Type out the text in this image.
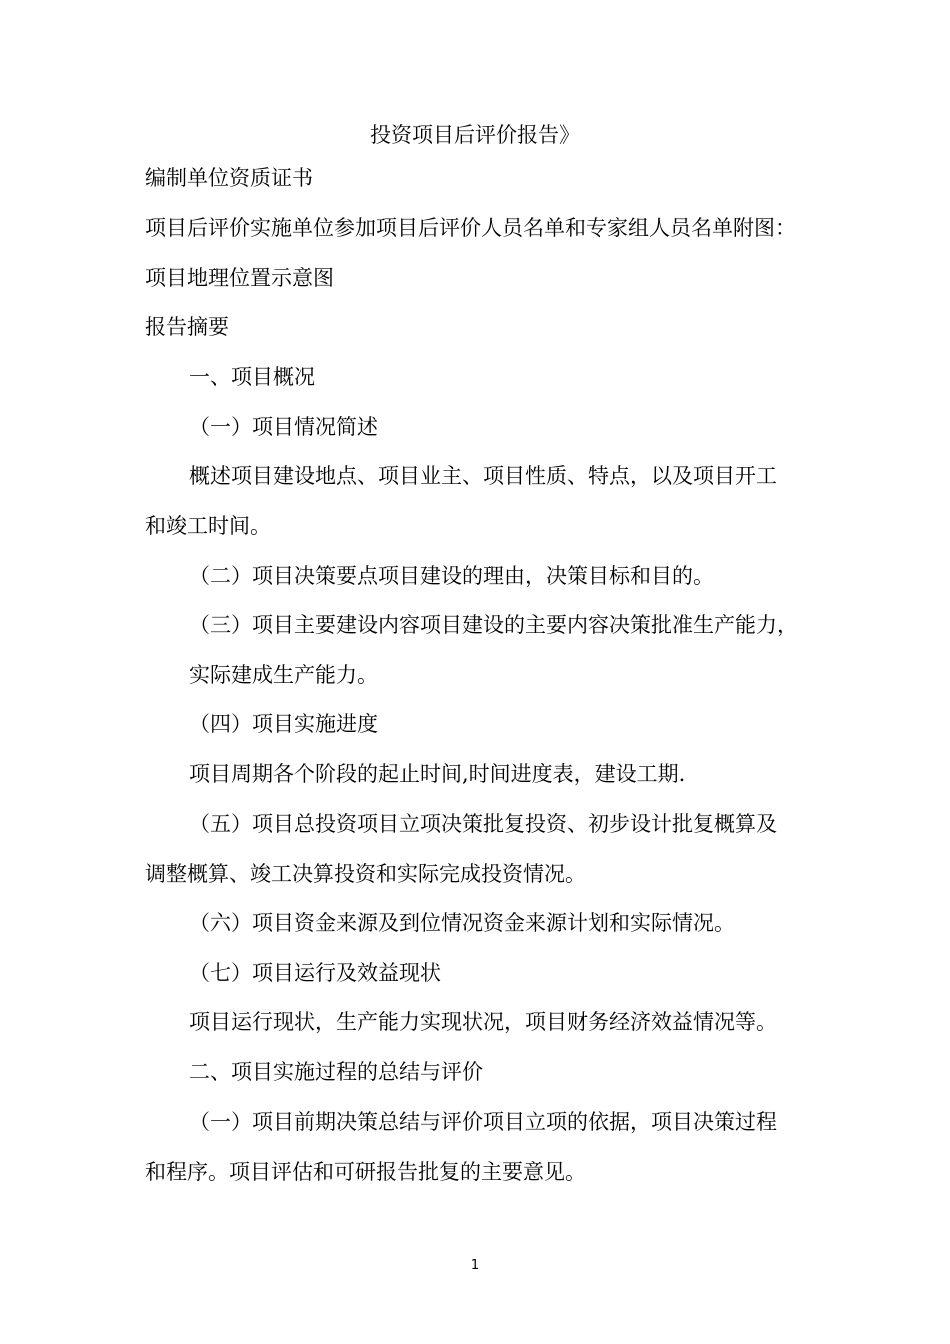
投资项目后评价报告》
编制单位资质证书
项目后评价实施单位参加项目后评价人员名单和专家组人员名单附图：
项目地理位置示意图
报告摘要
一、项目概况
（一）项目情况简述
概述项目建设地点、项目业主、项目性质、特点，以及项目开工
和竣工时间。
（二）项目决策要点项目建设的理由，决策目标和目的。
（三）项目主要建设内容项目建设的主要内容决策批准生产能力，
实际建成生产能力。
（四）项目实施进度
项目周期各个阶段的起止时间,时间进度表，建设工期.
（五）项目总投资项目立项决策批复投资、初步设计批复概算及
调整概算、竣工决算投资和实际完成投资情况。
（六）项目资金来源及到位情况资金来源计划和实际情况。
（七）项目运行及效益现状
项目运行现状，生产能力实现状况，项目财务经济效益情况等。
二、项目实施过程的总结与评价
（一）项目前期决策总结与评价项目立项的依据，项目决策过程
和程序。项目评估和可研报告批复的主要意见。
1
